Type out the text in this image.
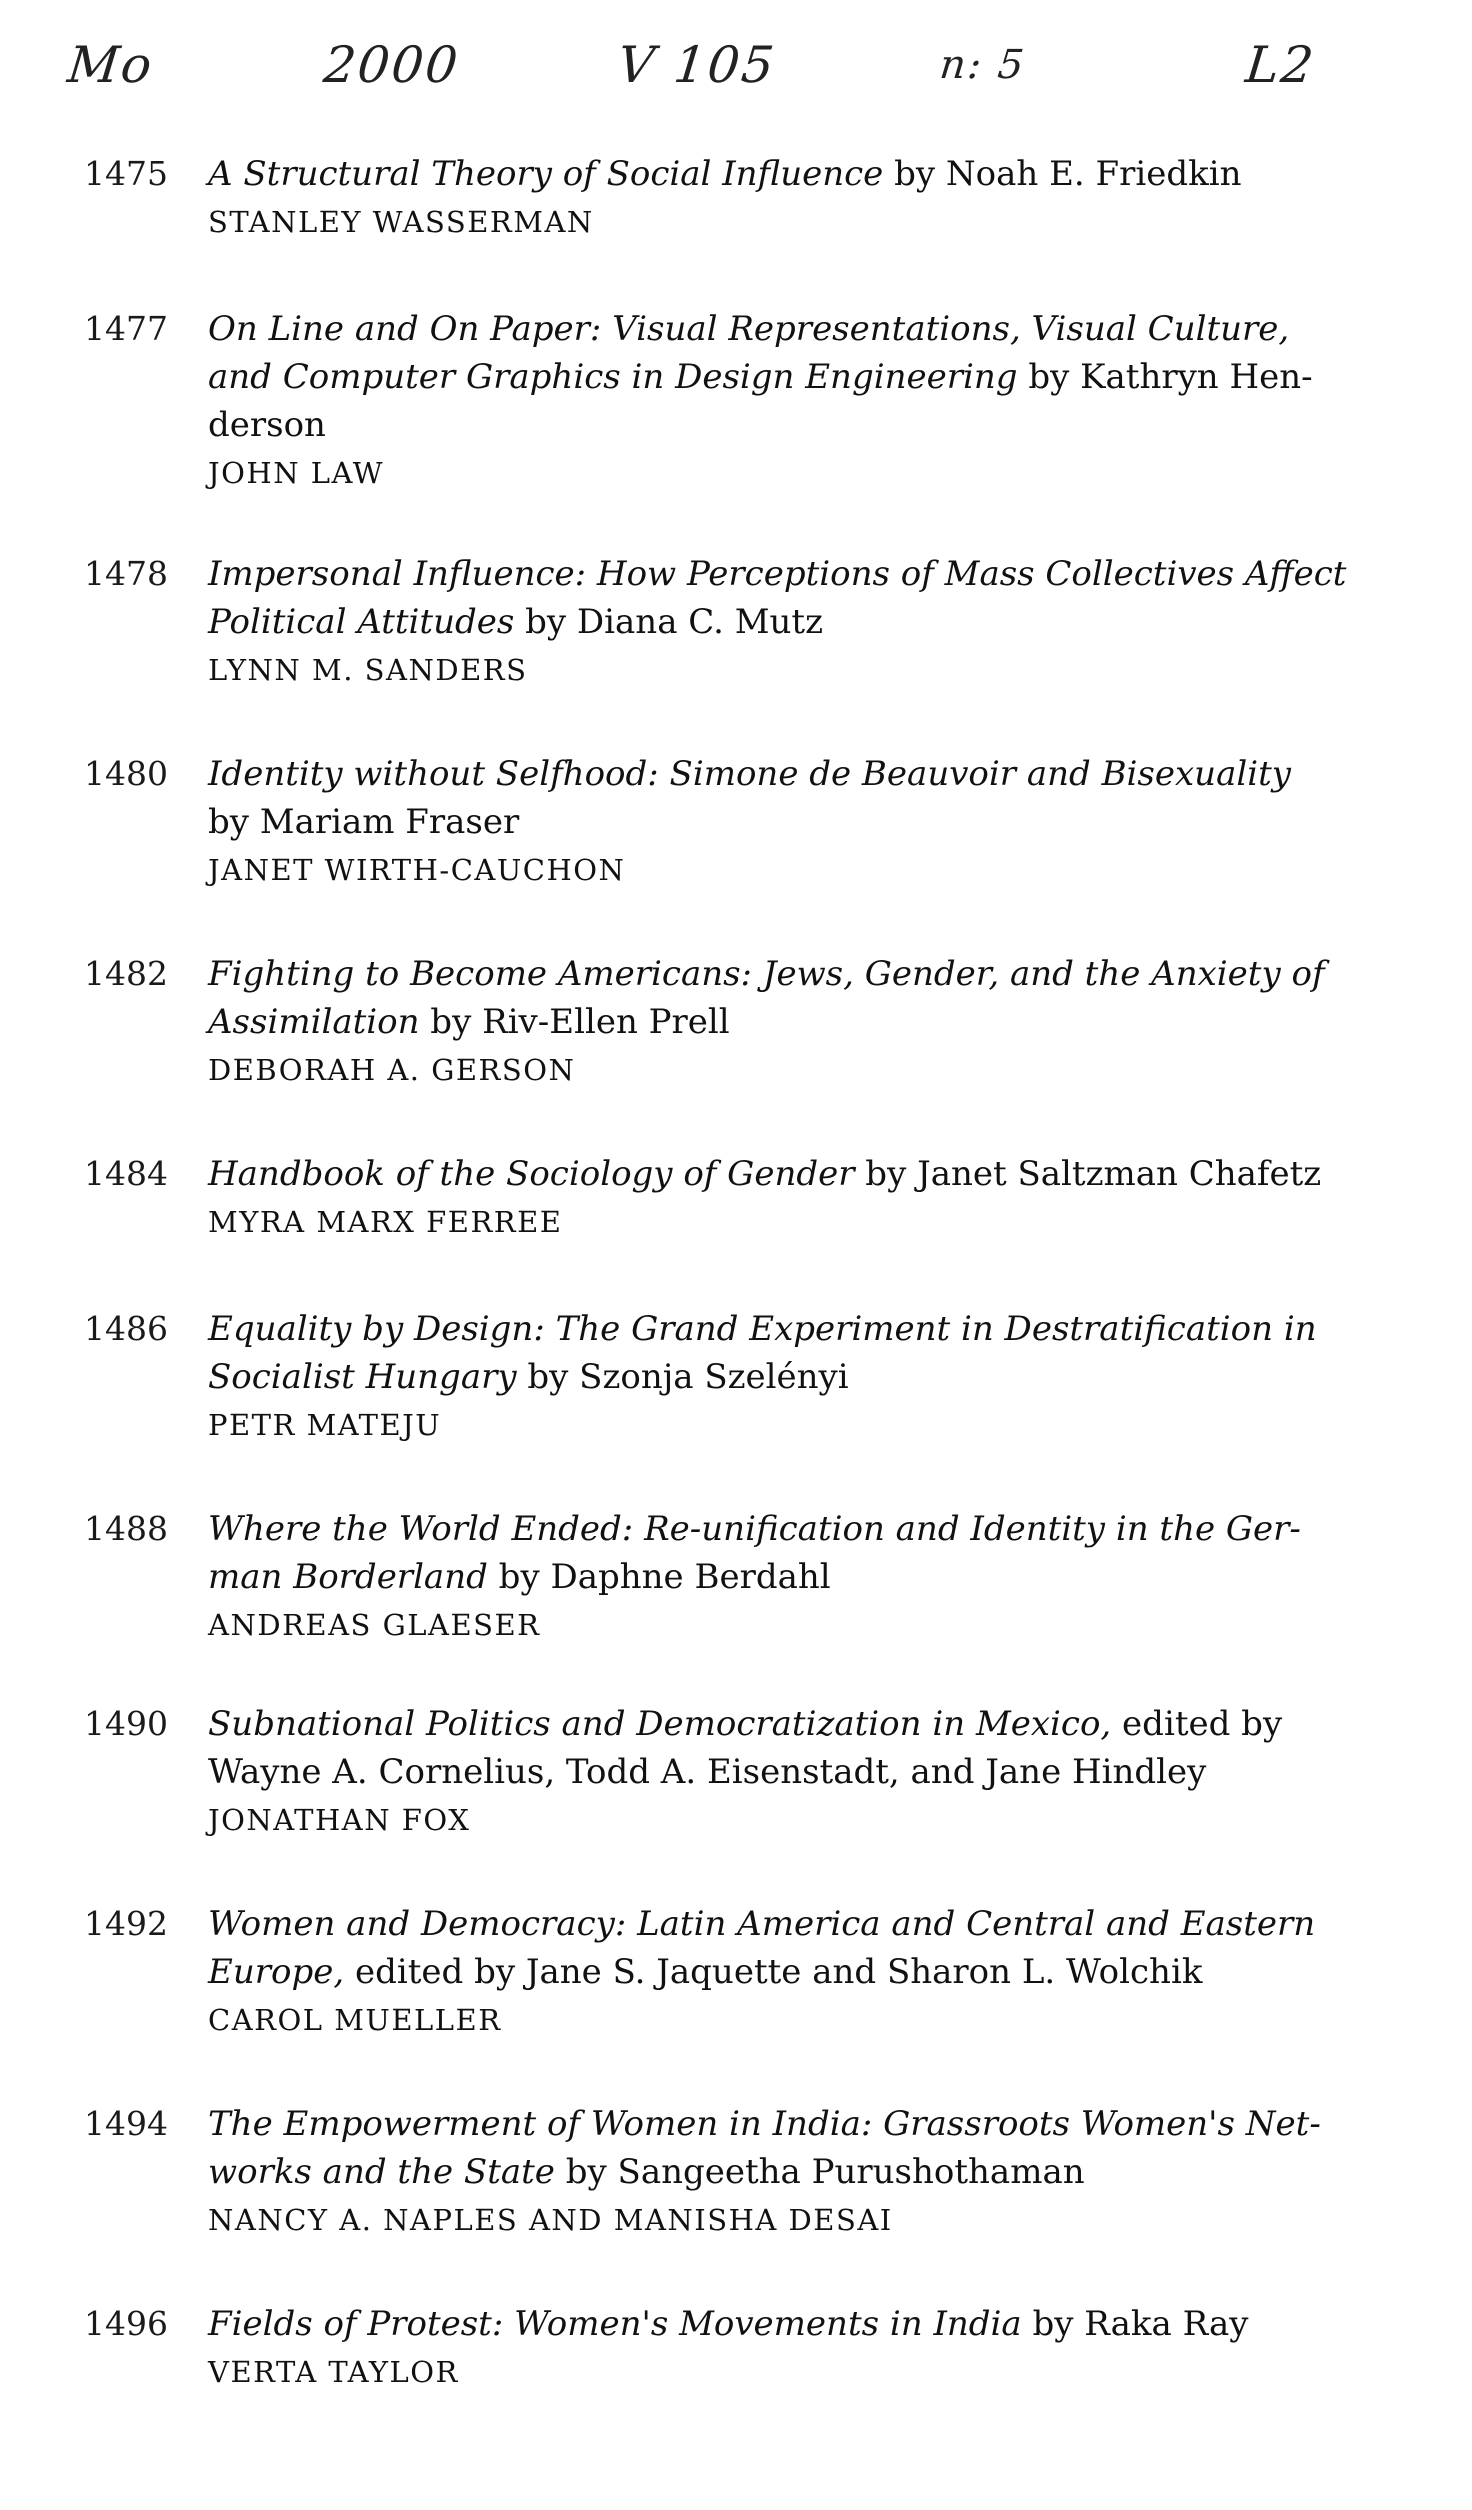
Mo	2000	V 105	n: 5	L2
1475 A Structural Theory of Social Influence by Noah E. Friedkin
STANLEY WASSERMAN
1477 On Line and On Paper: Visual Representations, Visual Culture,
and Computer Graphics in Design Engineering by Kathryn Hen-
derson
JOHN LAW
1478 Impersonal Influence: How Perceptions of Mass Collectives Affect
Political Attitudes by Diana C. Mutz
LYNN M. SANDERS
1480 Identity without Selfhood: Simone de Beauvoir and Bisexuality
by Mariam Fraser
JANET WIRTH-CAUCHON
1482 Fighting to Become Americans: Jews, Gender, and the Anxiety of
Assimilation by Riv-Ellen Prell
DEBORAH A. GERSON
1484 Handbook of the Sociology of Gender by Janet Saltzman Chafetz
MYRA MARX FERREE
1486 Equality by Design: The Grand Experiment in Destratification in
Socialist Hungary by Szonja Szelényi
PETR MATEJU
1488 Where the World Ended: Re-unification and Identity in the Ger-
man Borderland by Daphne Berdahl
ANDREAS GLAESER
1490 Subnational Politics and Democratization in Mexico, edited by
Wayne A. Cornelius, Todd A. Eisenstadt, and Jane Hindley
JONATHAN FOX
1492 Women and Democracy: Latin America and Central and Eastern
Europe, edited by Jane S. Jaquette and Sharon L. Wolchik
CAROL MUELLER
1494 The Empowerment of Women in India: Grassroots Women's Net-
works and the State by Sangeetha Purushothaman
NANCY A. NAPLES AND MANISHA DESAI
1496 Fields of Protest: Women's Movements in India by Raka Ray
VERTA TAYLOR
